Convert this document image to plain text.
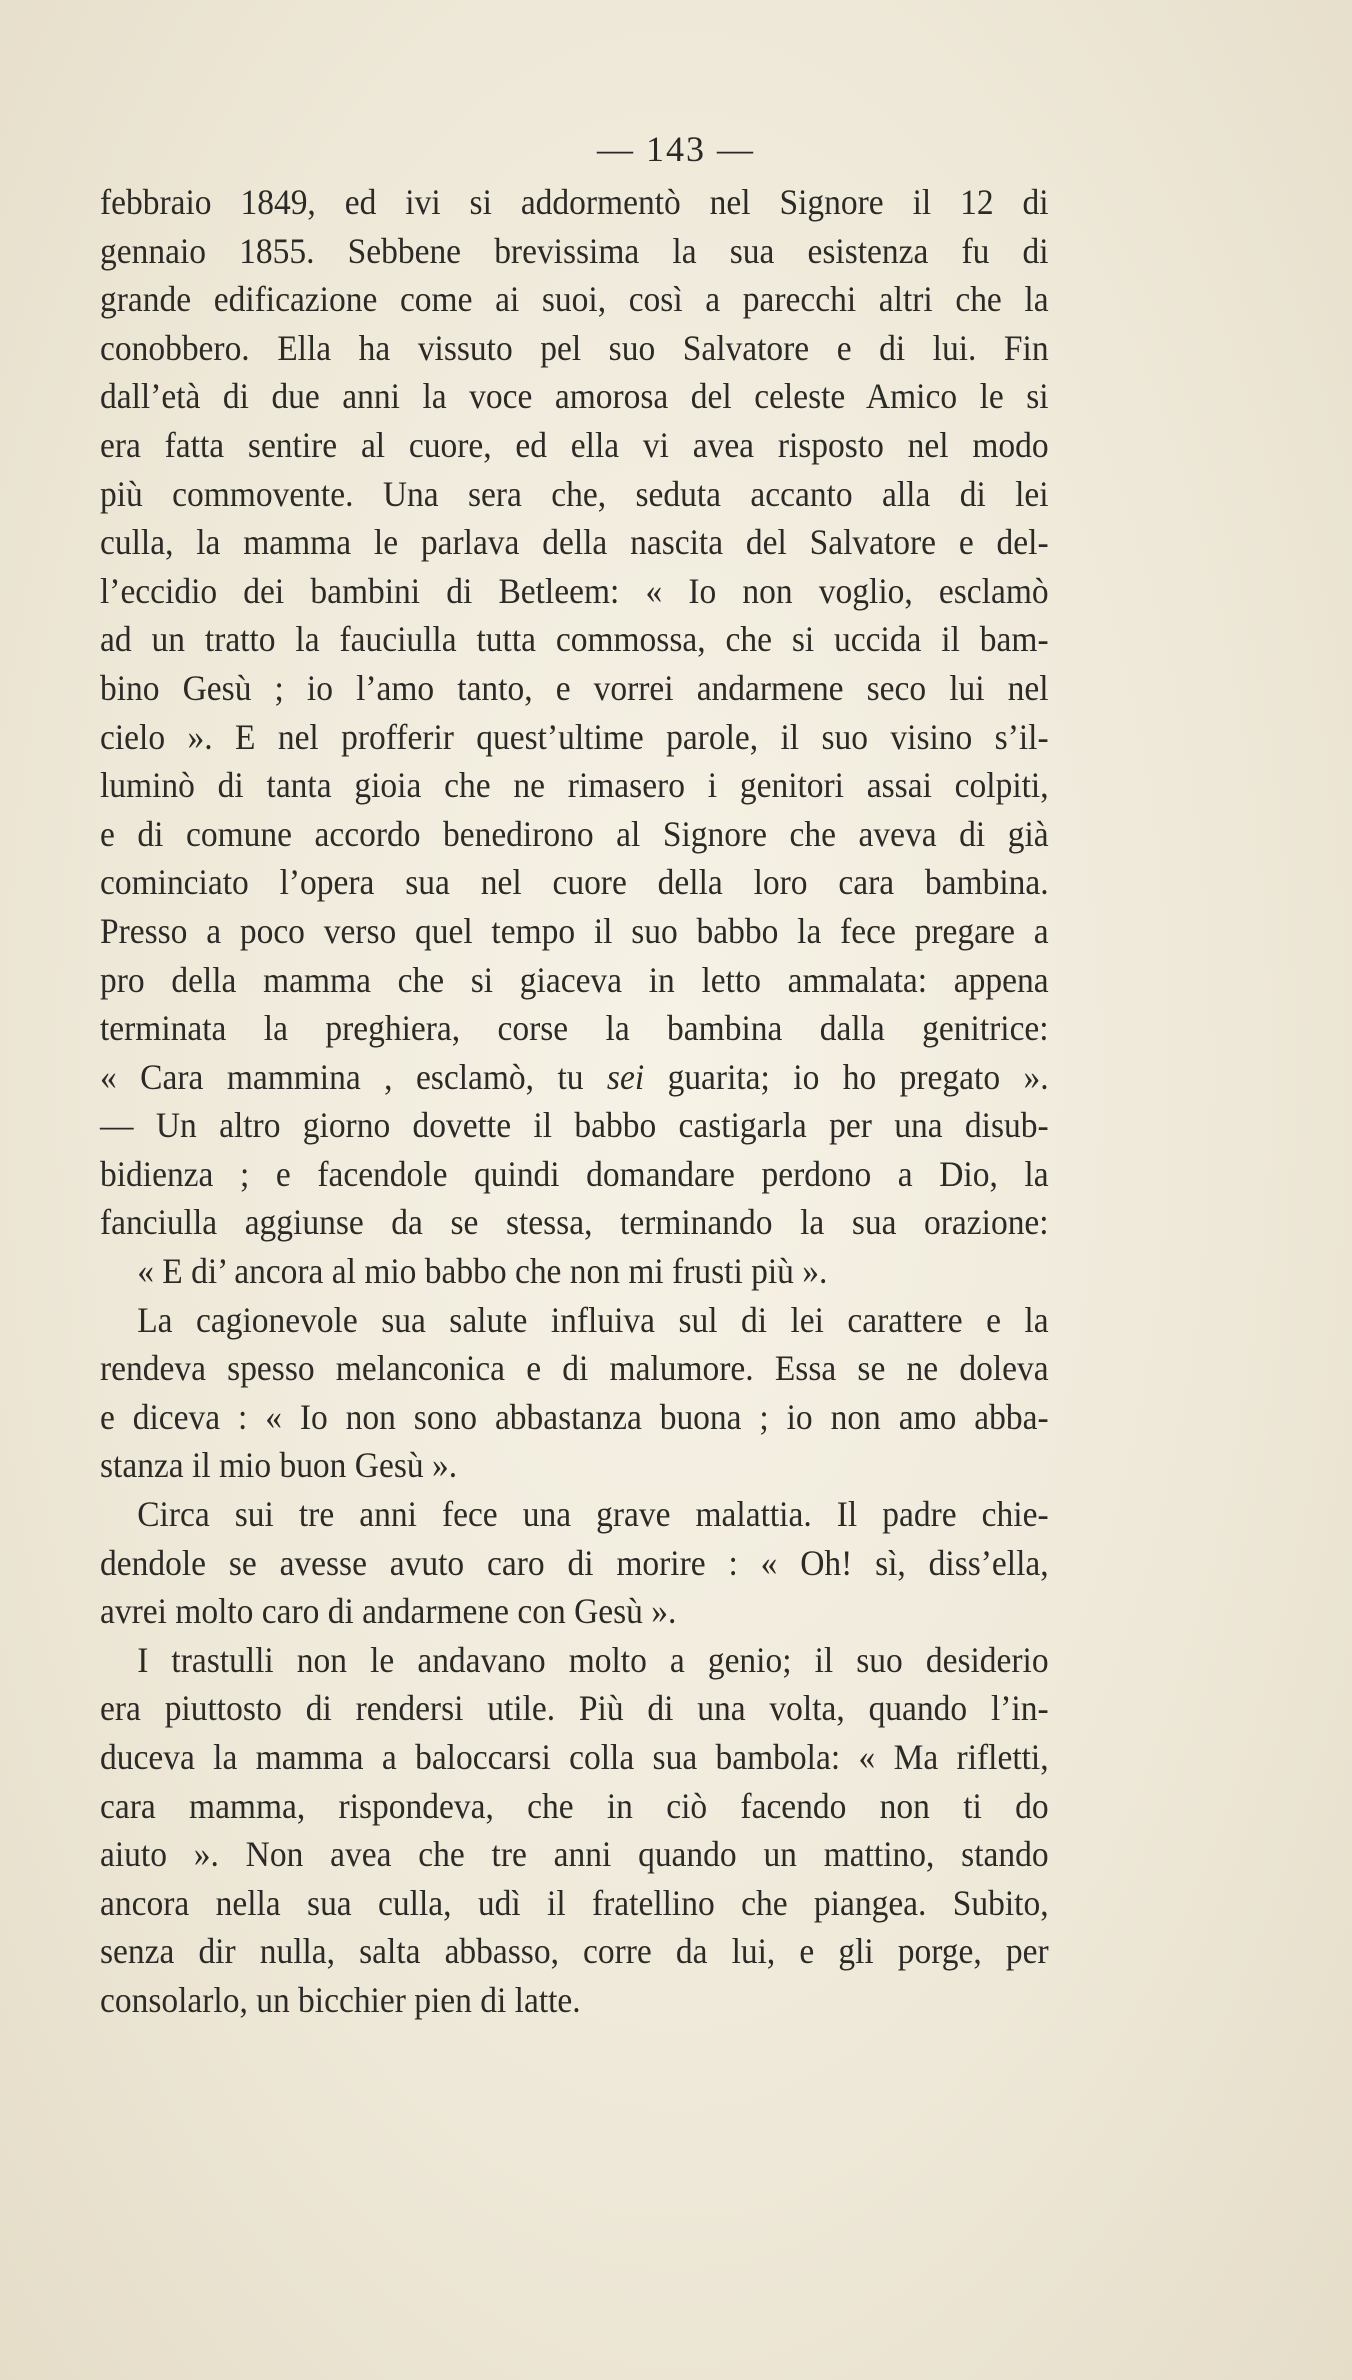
— 143 —
febbraio 1849, ed ivi si addormentò nel Signore il 12 di
gennaio 1855. Sebbene brevissima la sua esistenza fu di
grande edificazione come ai suoi, così a parecchi altri che la
conobbero. Ella ha vissuto pel suo Salvatore e di lui. Fin
dall’età di due anni la voce amorosa del celeste Amico le si
era fatta sentire al cuore, ed ella vi avea risposto nel modo
più commovente. Una sera che, seduta accanto alla di lei
culla, la mamma le parlava della nascita del Salvatore e del-
l’eccidio dei bambini di Betleem: « Io non voglio, esclamò
ad un tratto la fauciulla tutta commossa, che si uccida il bam-
bino Gesù ; io l’amo tanto, e vorrei andarmene seco lui nel
cielo ». E nel profferir quest’ultime parole, il suo visino s’il-
luminò di tanta gioia che ne rimasero i genitori assai colpiti,
e di comune accordo benedirono al Signore che aveva di già
cominciato l’opera sua nel cuore della loro cara bambina.
Presso a poco verso quel tempo il suo babbo la fece pregare a
pro della mamma che si giaceva in letto ammalata: appena
terminata la preghiera, corse la bambina dalla genitrice:
« Cara mammina , esclamò, tu sei guarita; io ho pregato ».
— Un altro giorno dovette il babbo castigarla per una disub-
bidienza ; e facendole quindi domandare perdono a Dio, la
fanciulla aggiunse da se stessa, terminando la sua orazione:
« E di’ ancora al mio babbo che non mi frusti più ».
La cagionevole sua salute influiva sul di lei carattere e la
rendeva spesso melanconica e di malumore. Essa se ne doleva
e diceva : « Io non sono abbastanza buona ; io non amo abba-
stanza il mio buon Gesù ».
Circa sui tre anni fece una grave malattia. Il padre chie-
dendole se avesse avuto caro di morire : « Oh! sì, diss’ella,
avrei molto caro di andarmene con Gesù ».
I trastulli non le andavano molto a genio; il suo desiderio
era piuttosto di rendersi utile. Più di una volta, quando l’in-
duceva la mamma a baloccarsi colla sua bambola: « Ma rifletti,
cara mamma, rispondeva, che in ciò facendo non ti do
aiuto ». Non avea che tre anni quando un mattino, stando
ancora nella sua culla, udì il fratellino che piangea. Subito,
senza dir nulla, salta abbasso, corre da lui, e gli porge, per
consolarlo, un bicchier pien di latte.
